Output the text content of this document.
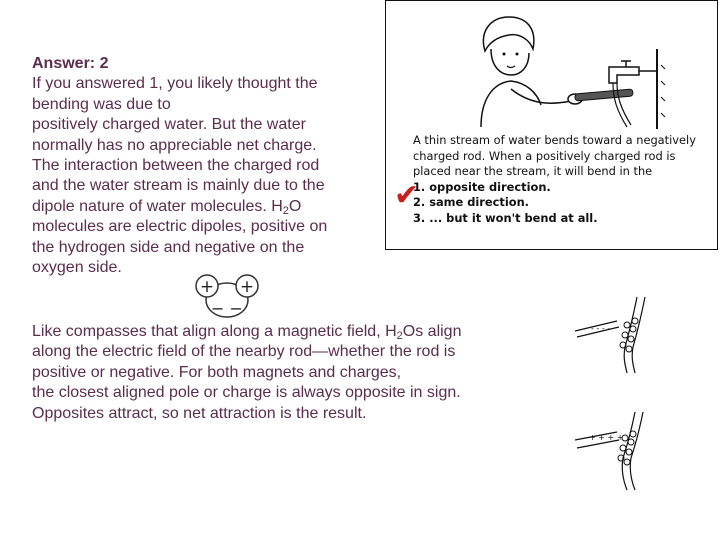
Answer: 2
If you answered 1, you likely thought the
bending was due to
positively charged water. But the water
normally has no appreciable net charge.
The interaction between the charged rod
and the water stream is mainly due to the
dipole nature of water molecules. $H_2O$
molecules are electric dipoles, positive on
the hydrogen side and negative on the
oxygen side.
+ +
− −
A thin stream of water bends toward a negatively
charged rod. When a positively charged rod is
placed near the stream, it will bend in the
1. opposite direction.
2. same direction.
3. ... but it won't bend at all.
✔
Like compasses that align along a magnetic field, $H_2Os$ align
along the electric field of the nearby rod—whether the rod is
positive or negative. For both magnets and charges,
the closest aligned pole or charge is always opposite in sign.
Opposites attract, so net attraction is the result.
- - - -
+ + + +
